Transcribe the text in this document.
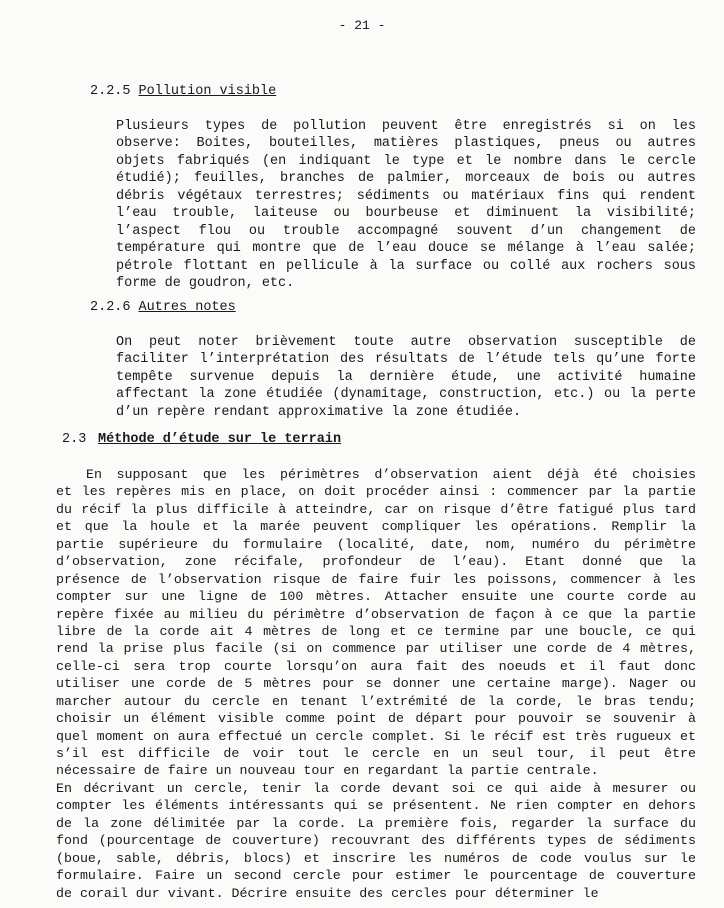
- 21 -
2.2.5 Pollution visible
Plusieurs types de pollution peuvent être enregistrés si on les
observe: Boites, bouteilles, matières plastiques, pneus ou autres
objets fabriqués (en indiquant le type et le nombre dans le cercle
étudié); feuilles, branches de palmier, morceaux de bois ou autres
débris végétaux terrestres; sédiments ou matériaux fins qui rendent
l’eau trouble, laiteuse ou bourbeuse et diminuent la visibilité;
l’aspect flou ou trouble accompagné souvent d’un changement de
température qui montre que de l’eau douce se mélange à l’eau salée;
pétrole flottant en pellicule à la surface ou collé aux rochers sous
forme de goudron, etc.
2.2.6 Autres notes
On peut noter brièvement toute autre observation susceptible de
faciliter l’interprétation des résultats de l’étude tels qu’une forte
tempête survenue depuis la dernière étude, une activité humaine
affectant la zone étudiée (dynamitage, construction, etc.) ou la perte
d’un repère rendant approximative la zone étudiée.
2.3 Méthode d’étude sur le terrain
En supposant que les périmètres d’observation aient déjà été choisies
et les repères mis en place, on doit procéder ainsi : commencer par la partie
du récif la plus difficile à atteindre, car on risque d’être fatigué plus tard
et que la houle et la marée peuvent compliquer les opérations. Remplir la
partie supérieure du formulaire (localité, date, nom, numéro du périmètre
d’observation, zone récifale, profondeur de l’eau). Etant donné que la
présence de l’observation risque de faire fuir les poissons, commencer à les
compter sur une ligne de 100 mètres. Attacher ensuite une courte corde au
repère fixée au milieu du périmètre d’observation de façon à ce que la partie
libre de la corde ait 4 mètres de long et ce termine par une boucle, ce qui
rend la prise plus facile (si on commence par utiliser une corde de 4 mètres,
celle-ci sera trop courte lorsqu’on aura fait des noeuds et il faut donc
utiliser une corde de 5 mètres pour se donner une certaine marge). Nager ou
marcher autour du cercle en tenant l’extrémité de la corde, le bras tendu;
choisir un élément visible comme point de départ pour pouvoir se souvenir à
quel moment on aura effectué un cercle complet. Si le récif est très rugueux et
s’il est difficile de voir tout le cercle en un seul tour, il peut être
nécessaire de faire un nouveau tour en regardant la partie centrale.
En décrivant un cercle, tenir la corde devant soi ce qui aide à mesurer ou
compter les éléments intéressants qui se présentent. Ne rien compter en dehors
de la zone délimitée par la corde. La première fois, regarder la surface du
fond (pourcentage de couverture) recouvrant des différents types de sédiments
(boue, sable, débris, blocs) et inscrire les numéros de code voulus sur le
formulaire. Faire un second cercle pour estimer le pourcentage de couverture
de corail dur vivant. Décrire ensuite des cercles pour déterminer le
